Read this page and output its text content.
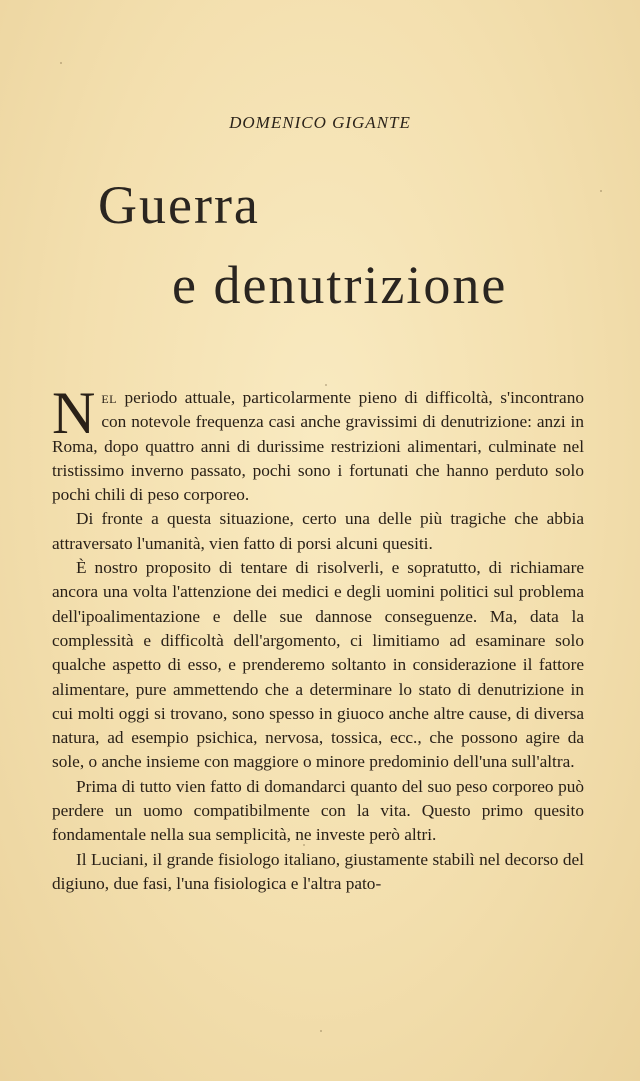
DOMENICO GIGANTE
Guerra
e denutrizione

Nel periodo attuale, particolarmente pieno di difficoltà, s'incontrano con notevole frequenza casi anche gravissimi di denutrizione: anzi in Roma, dopo quattro anni di durissime restrizioni alimentari, culminate nel tristissimo inverno passato, pochi sono i fortunati che hanno perduto solo pochi chili di peso corporeo.

Di fronte a questa situazione, certo una delle più tragiche che abbia attraversato l'umanità, vien fatto di porsi alcuni quesiti.

È nostro proposito di tentare di risolverli, e sopratutto, di richiamare ancora una volta l'attenzione dei medici e degli uomini politici sul problema dell'ipoalimentazione e delle sue dannose conseguenze. Ma, data la complessità e difficoltà dell'argomento, ci limitiamo ad esaminare solo qualche aspetto di esso, e prenderemo soltanto in considerazione il fattore alimentare, pure ammettendo che a determinare lo stato di denutrizione in cui molti oggi si trovano, sono spesso in giuoco anche altre cause, di diversa natura, ad esempio psichica, nervosa, tossica, ecc., che possono agire da sole, o anche insieme con maggiore o minore predominio dell'una sull'altra.

Prima di tutto vien fatto di domandarci quanto del suo peso corporeo può perdere un uomo compatibilmente con la vita. Questo primo quesito fondamentale nella sua semplicità, ne investe però altri.

Il Luciani, il grande fisiologo italiano, giustamente stabilì nel decorso del digiuno, due fasi, l'una fisiologica e l'altra pato-
